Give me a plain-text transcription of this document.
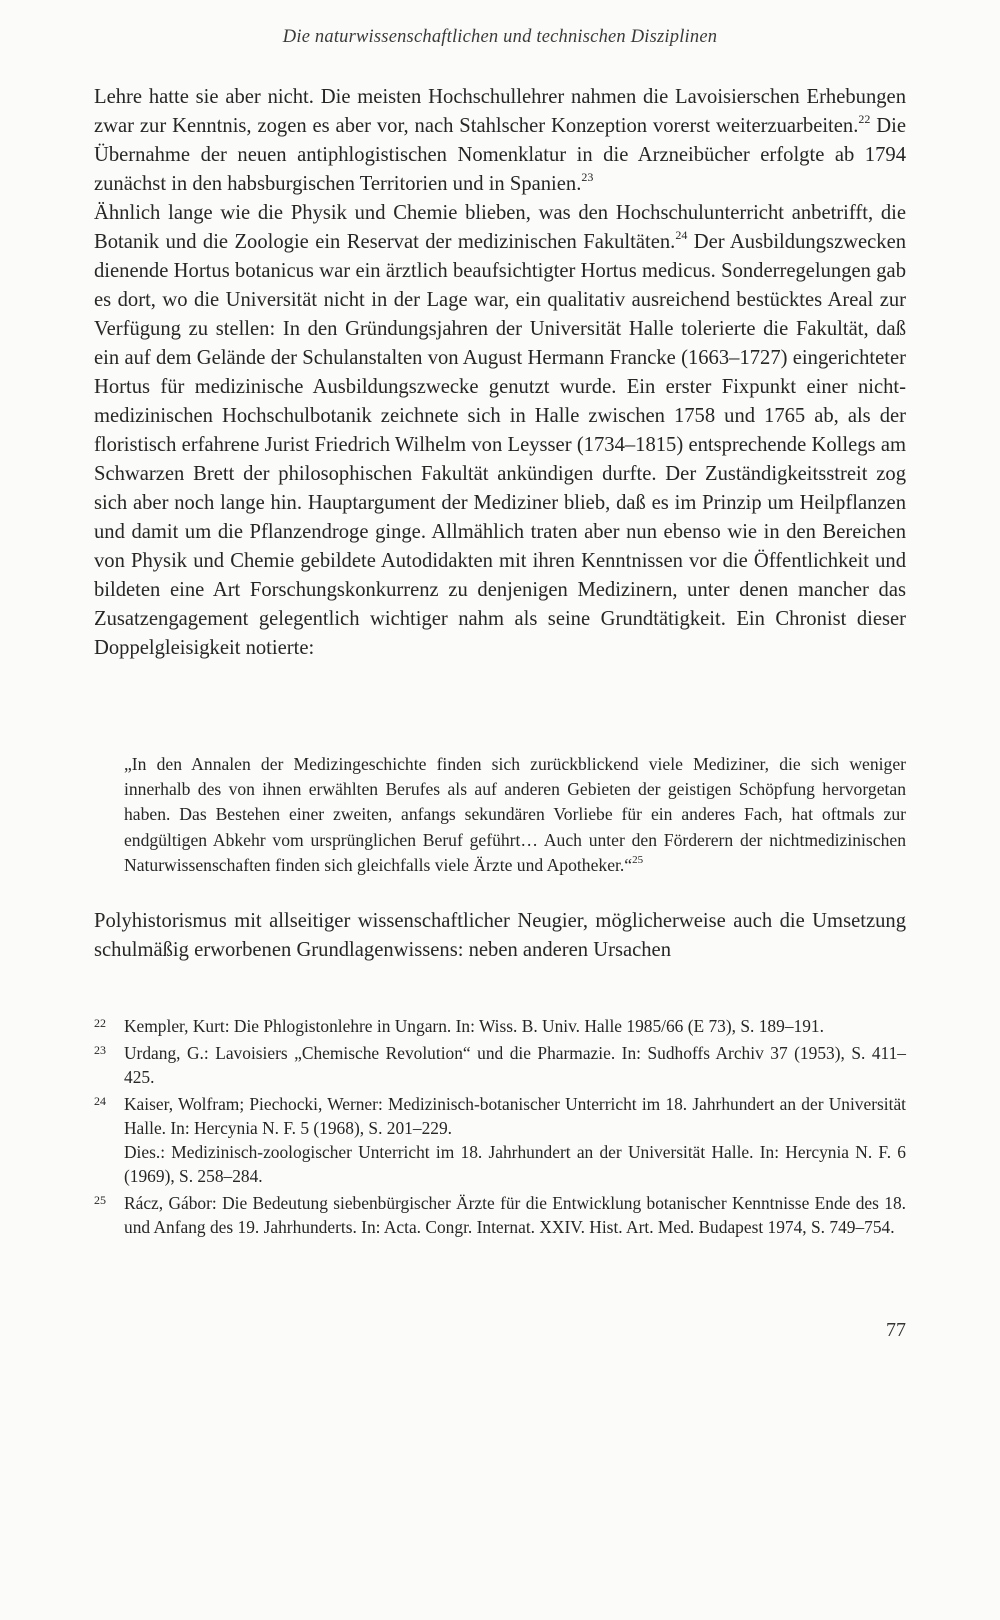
Die naturwissenschaftlichen und technischen Disziplinen

Lehre hatte sie aber nicht. Die meisten Hochschullehrer nahmen die Lavoisierschen Erhebungen zwar zur Kenntnis, zogen es aber vor, nach Stahlscher Konzeption vorerst weiterzuarbeiten.$^{22}$ Die Übernahme der neuen antiphlogistischen Nomenklatur in die Arzneibücher erfolgte ab 1794 zunächst in den habsburgischen Territorien und in Spanien.$^{23}$

Ähnlich lange wie die Physik und Chemie blieben, was den Hochschulunterricht anbetrifft, die Botanik und die Zoologie ein Reservat der medizinischen Fakultäten.$^{24}$ Der Ausbildungszwecken dienende Hortus botanicus war ein ärztlich beaufsichtigter Hortus medicus. Sonderregelungen gab es dort, wo die Universität nicht in der Lage war, ein qualitativ ausreichend bestücktes Areal zur Verfügung zu stellen: In den Gründungsjahren der Universität Halle tolerierte die Fakultät, daß ein auf dem Gelände der Schulanstalten von August Hermann Francke (1663–1727) eingerichteter Hortus für medizinische Ausbildungszwecke genutzt wurde. Ein erster Fixpunkt einer nicht-medizinischen Hochschulbotanik zeichnete sich in Halle zwischen 1758 und 1765 ab, als der floristisch erfahrene Jurist Friedrich Wilhelm von Leysser (1734–1815) entsprechende Kollegs am Schwarzen Brett der philosophischen Fakultät ankündigen durfte. Der Zuständigkeitsstreit zog sich aber noch lange hin. Hauptargument der Mediziner blieb, daß es im Prinzip um Heilpflanzen und damit um die Pflanzendroge ginge. Allmählich traten aber nun ebenso wie in den Bereichen von Physik und Chemie gebildete Autodidakten mit ihren Kenntnissen vor die Öffentlichkeit und bildeten eine Art Forschungskonkurrenz zu denjenigen Medizinern, unter denen mancher das Zusatzengagement gelegentlich wichtiger nahm als seine Grundtätigkeit. Ein Chronist dieser Doppelgleisigkeit notierte:

„In den Annalen der Medizingeschichte finden sich zurückblickend viele Mediziner, die sich weniger innerhalb des von ihnen erwählten Berufes als auf anderen Gebieten der geistigen Schöpfung hervorgetan haben. Das Bestehen einer zweiten, anfangs sekundären Vorliebe für ein anderes Fach, hat oftmals zur endgültigen Abkehr vom ursprünglichen Beruf geführt… Auch unter den Förderern der nichtmedizinischen Naturwissenschaften finden sich gleichfalls viele Ärzte und Apotheker.“$^{25}$

Polyhistorismus mit allseitiger wissenschaftlicher Neugier, möglicherweise auch die Umsetzung schulmäßig erworbenen Grundlagenwissens: neben anderen Ursachen

22 Kempler, Kurt: Die Phlogistonlehre in Ungarn. In: Wiss. B. Univ. Halle 1985/66 (E 73), S. 189–191.
23 Urdang, G.: Lavoisiers „Chemische Revolution“ und die Pharmazie. In: Sudhoffs Archiv 37 (1953), S. 411–425.
24 Kaiser, Wolfram; Piechocki, Werner: Medizinisch-botanischer Unterricht im 18. Jahrhundert an der Universität Halle. In: Hercynia N. F. 5 (1968), S. 201–229.
Dies.: Medizinisch-zoologischer Unterricht im 18. Jahrhundert an der Universität Halle. In: Hercynia N. F. 6 (1969), S. 258–284.
25 Rácz, Gábor: Die Bedeutung siebenbürgischer Ärzte für die Entwicklung botanischer Kenntnisse Ende des 18. und Anfang des 19. Jahrhunderts. In: Acta. Congr. Internat. XXIV. Hist. Art. Med. Budapest 1974, S. 749–754.
77
